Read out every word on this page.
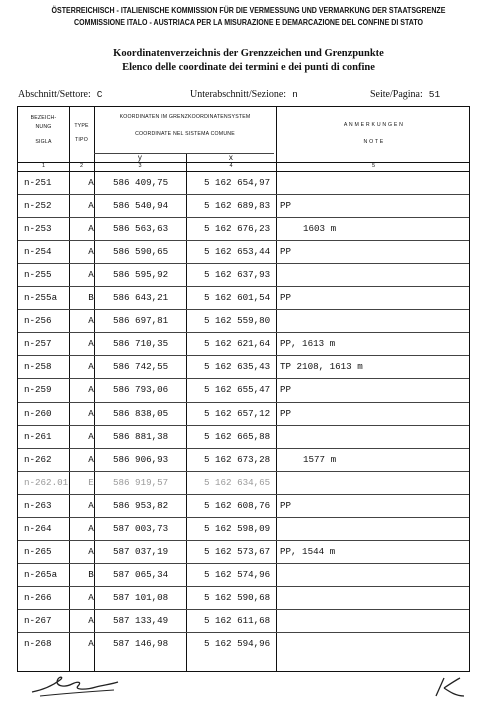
ÖSTERREICHISCH - ITALIENISCHE KOMMISSION FÜR DIE VERMESSUNG UND VERMARKUNG DER STAATSGRENZE
COMMISSIONE ITALO - AUSTRIACA PER LA MISURAZIONE E DEMARCAZIONE DEL CONFINE DI STATO
Koordinatenverzeichnis der Grenzzeichen und Grenzpunkte
Elenco delle coordinate dei termini e dei punti di confine
Abschnitt/Settore: C	Unterabschnitt/Sezione: n	Seite/Pagina: 51
BEZEICH-
NUNG
SIGLA
TYPE
TIPO
KOORDINATEN IM GRENZKOORDINATENSYSTEM
COORDINATE NEL SISTEMA COMUNE
y	x
A N M E R K U N G E N
N O T E
1	2	3	4	5
n-251	A	586 409,75	5 162 654,97
n-252	A	586 540,94	5 162 689,83	PP
n-253	A	586 563,63	5 162 676,23	1603 m
n-254	A	586 590,65	5 162 653,44	PP
n-255	A	586 595,92	5 162 637,93
n-255a	B	586 643,21	5 162 601,54	PP
n-256	A	586 697,81	5 162 559,80
n-257	A	586 710,35	5 162 621,64	PP, 1613 m
n-258	A	586 742,55	5 162 635,43	TP 2108, 1613 m
n-259	A	586 793,06	5 162 655,47	PP
n-260	A	586 838,05	5 162 657,12	PP
n-261	A	586 881,38	5 162 665,88
n-262	A	586 906,93	5 162 673,28	1577 m
n-262.01	E	586 919,57	5 162 634,65
n-263	A	586 953,82	5 162 608,76	PP
n-264	A	587 003,73	5 162 598,09
n-265	A	587 037,19	5 162 573,67	PP, 1544 m
n-265a	B	587 065,34	5 162 574,96
n-266	A	587 101,08	5 162 590,68
n-267	A	587 133,49	5 162 611,68
n-268	A	587 146,98	5 162 594,96
